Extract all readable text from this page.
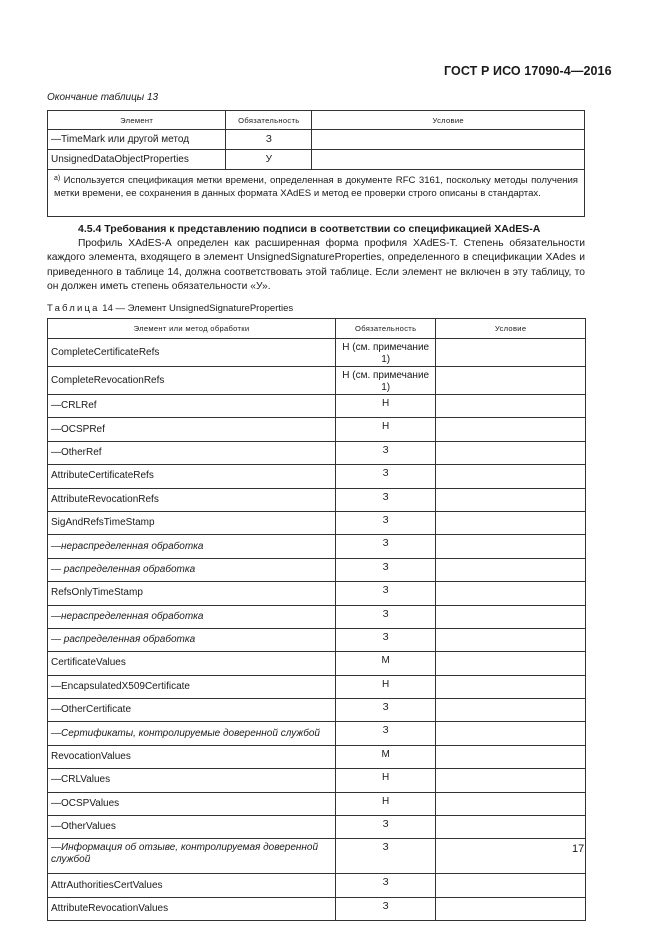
ГОСТ Р ИСО 17090-4—2016
Окончание таблицы 13
Элемент	Обязательность	Условие
—TimeMark или другой метод	З	
UnsignedDataObjectProperties	У	
$^{a)}$ Используется спецификация метки времени, определенная в документе RFC 3161, поскольку методы получения метки времени, ее сохранения в данных формата XAdES и метод ее проверки строго описаны в стандартах.		
4.5.4 Требования к представлению подписи в соответствии со спецификацией XAdES-A
Профиль XAdES-A определен как расширенная форма профиля XAdES-T. Степень обязательности каждого элемента, входящего в элемент UnsignedSignatureProperties, определенного в спецификации XAdes и приведенного в таблице 14, должна соответствовать этой таблице. Если элемент не включен в эту таблицу, то он должен иметь степень обязательности «У».
Таблица 14 — Элемент UnsignedSignatureProperties
Элемент или метод обработки	Обязательность	Условие
CompleteCertificateRefs	Н (см. примечание 1)	
CompleteRevocationRefs	Н (см. примечание 1)	
—CRLRef	Н	
—OCSPRef	Н	
—OtherRef	З	
AttributeCertificateRefs	З	
AttributeRevocationRefs	З	
SigAndRefsTimeStamp	З	
—нераспределенная обработка	З	
— распределенная обработка	З	
RefsOnlyTimeStamp	З	
—нераспределенная обработка	З	
— распределенная обработка	З	
CertificateValues	М	
—EncapsulatedX509Certificate	Н	
—OtherCertificate	З	
—Сертификаты, контролируемые доверенной службой	З	
RevocationValues	М	
—CRLValues	Н	
—OCSPValues	Н	
—OtherValues	З	
—Информация об отзыве, контролируемая доверенной службой	З	
AttrAuthoritiesCertValues	З	
AttributeRevocationValues	З	
17
